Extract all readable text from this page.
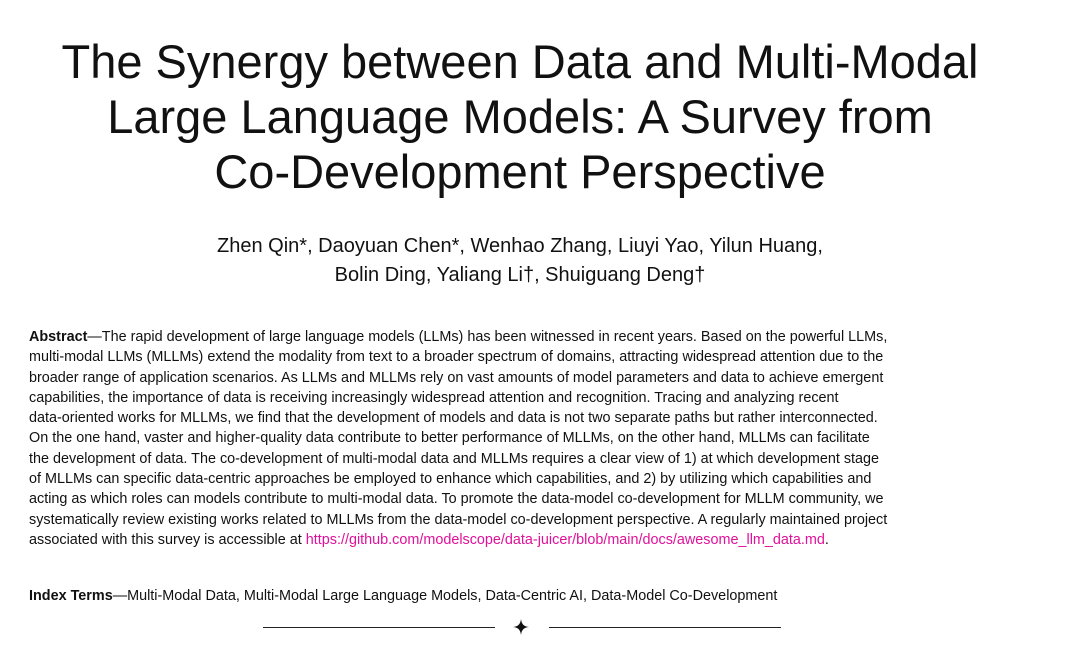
The Synergy between Data and Multi-Modal
Large Language Models: A Survey from
Co-Development Perspective
Zhen Qin*, Daoyuan Chen*, Wenhao Zhang, Liuyi Yao, Yilun Huang,
Bolin Ding, Yaliang Li†, Shuiguang Deng†
Abstract—The rapid development of large language models (LLMs) has been witnessed in recent years. Based on the powerful LLMs,
multi-modal LLMs (MLLMs) extend the modality from text to a broader spectrum of domains, attracting widespread attention due to the
broader range of application scenarios. As LLMs and MLLMs rely on vast amounts of model parameters and data to achieve emergent
capabilities, the importance of data is receiving increasingly widespread attention and recognition. Tracing and analyzing recent
data-oriented works for MLLMs, we find that the development of models and data is not two separate paths but rather interconnected.
On the one hand, vaster and higher-quality data contribute to better performance of MLLMs, on the other hand, MLLMs can facilitate
the development of data. The co-development of multi-modal data and MLLMs requires a clear view of 1) at which development stage
of MLLMs can specific data-centric approaches be employed to enhance which capabilities, and 2) by utilizing which capabilities and
acting as which roles can models contribute to multi-modal data. To promote the data-model co-development for MLLM community, we
systematically review existing works related to MLLMs from the data-model co-development perspective. A regularly maintained project
associated with this survey is accessible at https://github.com/modelscope/data-juicer/blob/main/docs/awesome_llm_data.md.
Index Terms—Multi-Modal Data, Multi-Modal Large Language Models, Data-Centric AI, Data-Model Co-Development
